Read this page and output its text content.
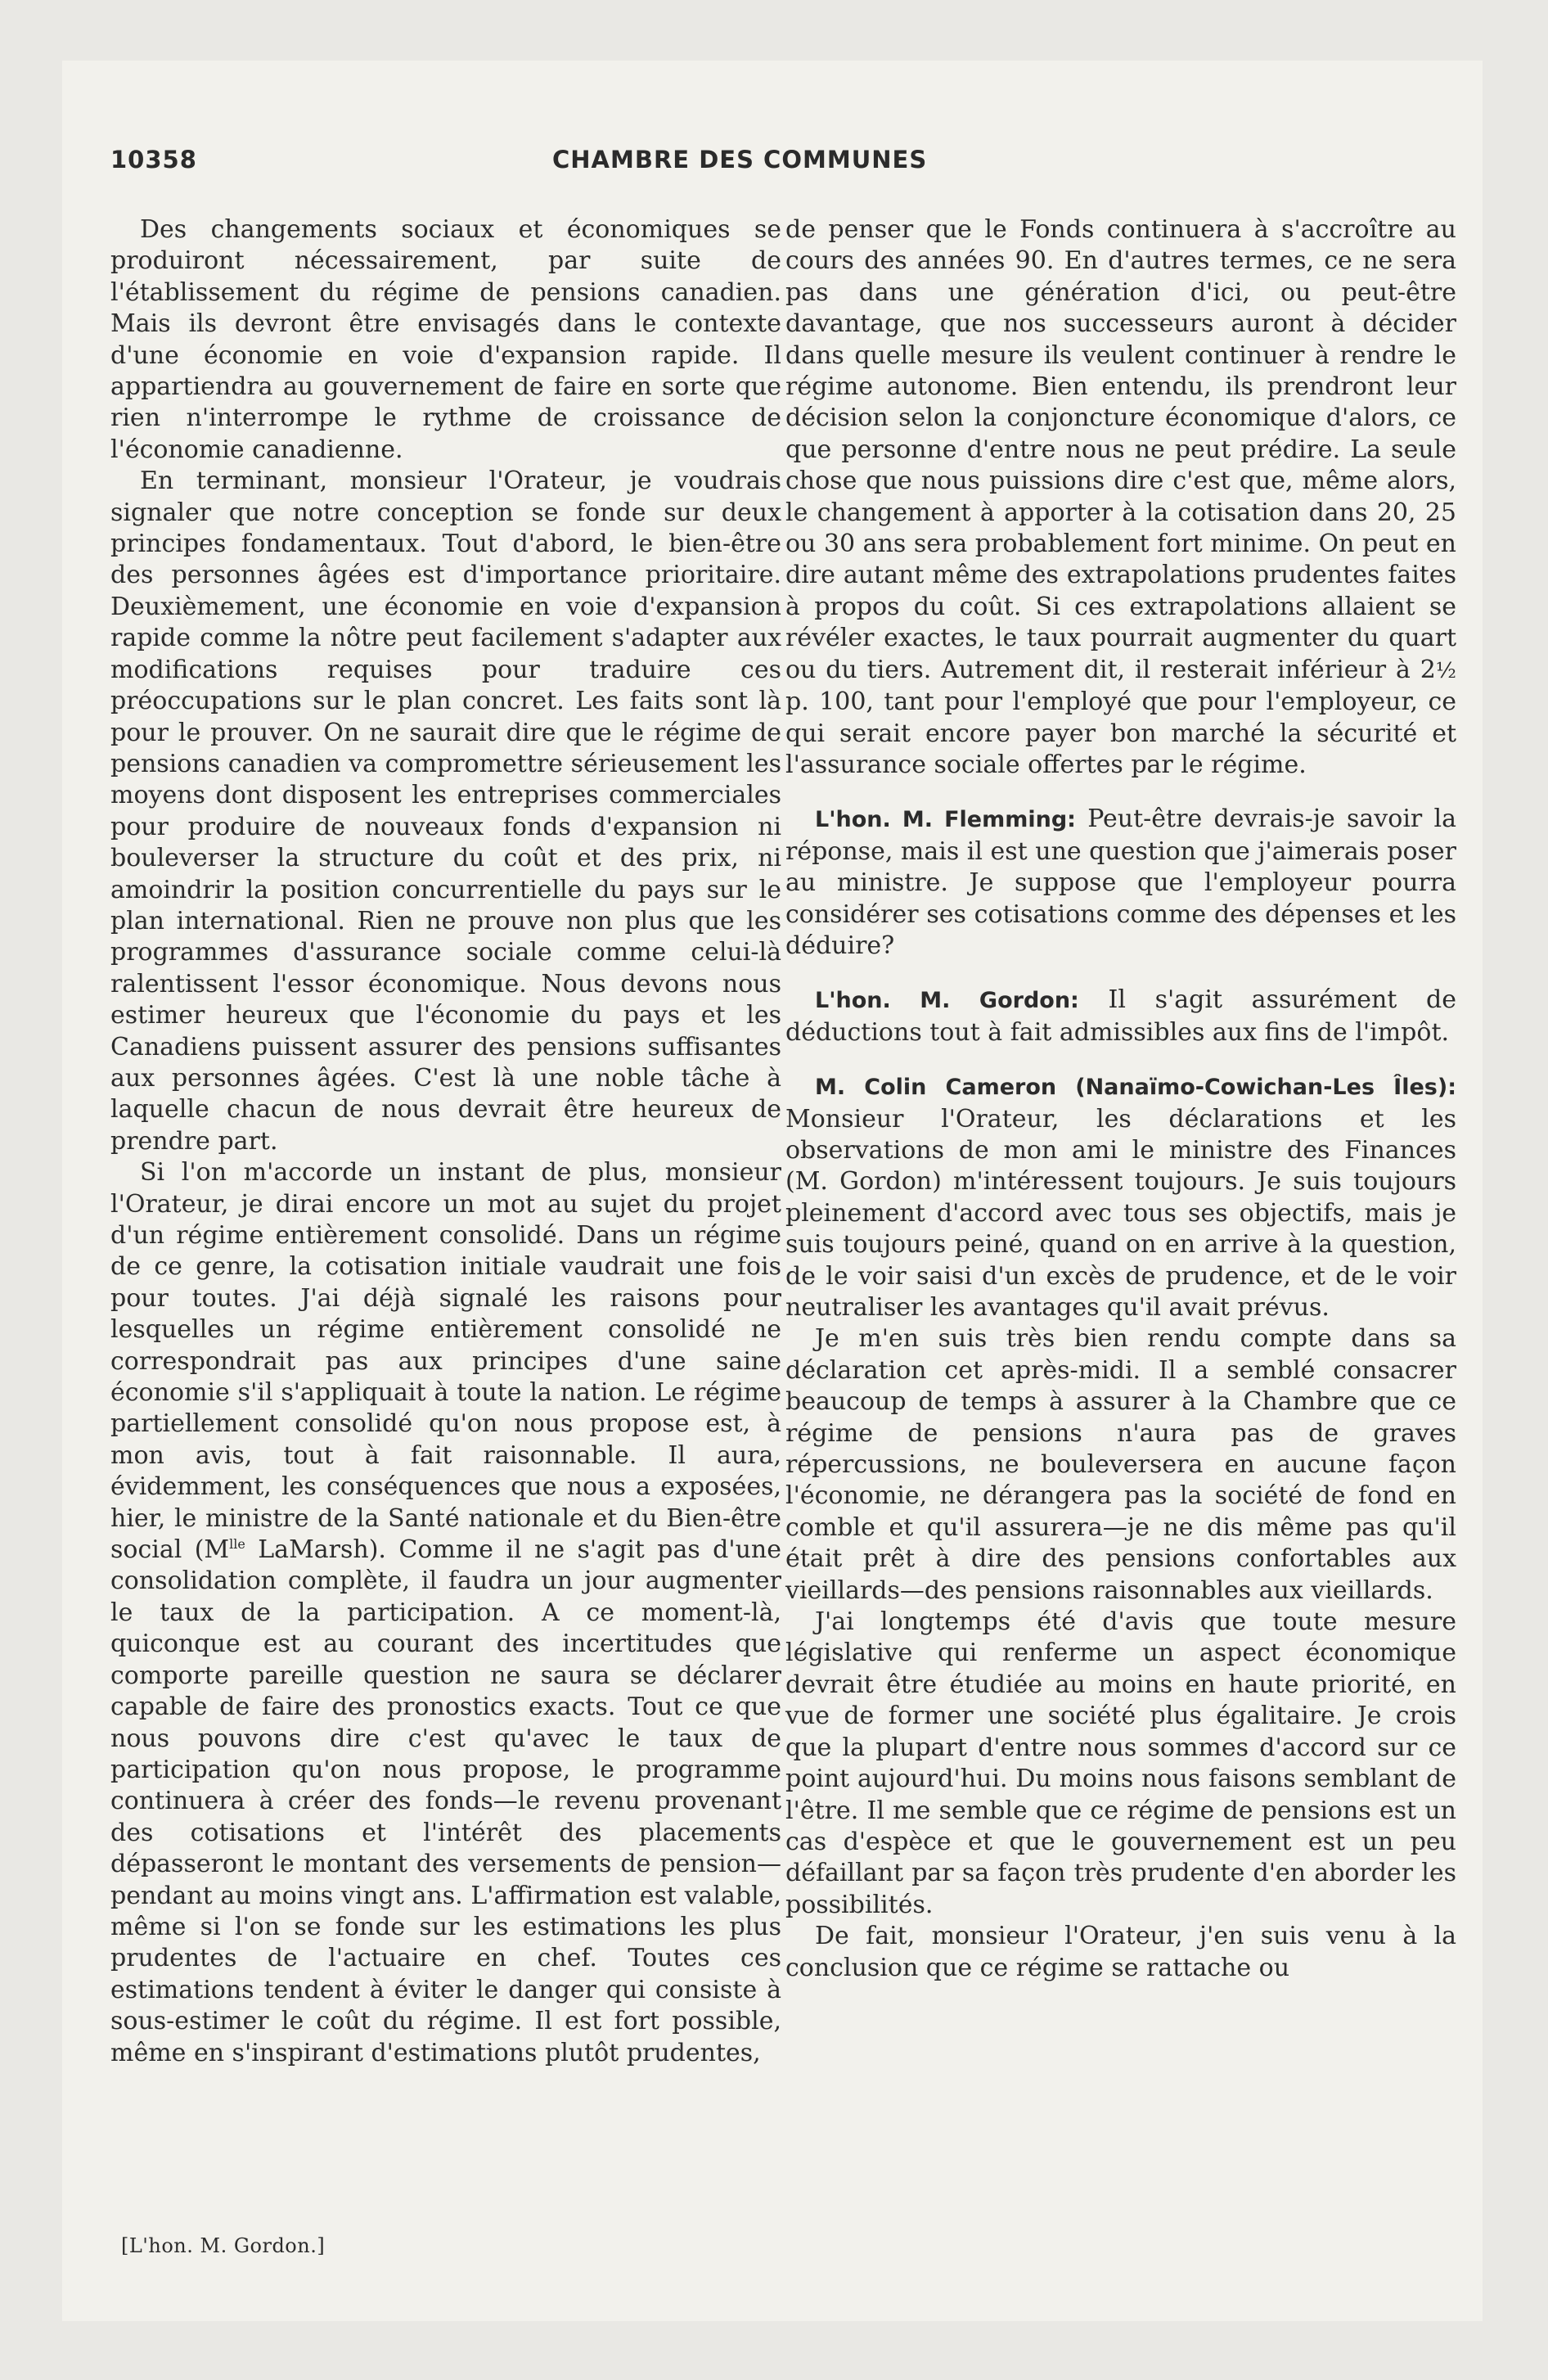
10358	CHAMBRE DES COMMUNES

Des changements sociaux et économiques se produiront nécessairement, par suite de l'établissement du régime de pensions canadien. Mais ils devront être envisagés dans le contexte d'une économie en voie d'expansion rapide. Il appartiendra au gouvernement de faire en sorte que rien n'interrompe le rythme de croissance de l'économie canadienne.

En terminant, monsieur l'Orateur, je voudrais signaler que notre conception se fonde sur deux principes fondamentaux. Tout d'abord, le bien-être des personnes âgées est d'importance prioritaire. Deuxièmement, une économie en voie d'expansion rapide comme la nôtre peut facilement s'adapter aux modifications requises pour traduire ces préoccupations sur le plan concret. Les faits sont là pour le prouver. On ne saurait dire que le régime de pensions canadien va compromettre sérieusement les moyens dont disposent les entreprises commerciales pour produire de nouveaux fonds d'expansion ni bouleverser la structure du coût et des prix, ni amoindrir la position concurrentielle du pays sur le plan international. Rien ne prouve non plus que les programmes d'assurance sociale comme celui-là ralentissent l'essor économique. Nous devons nous estimer heureux que l'économie du pays et les Canadiens puissent assurer des pensions suffisantes aux personnes âgées. C'est là une noble tâche à laquelle chacun de nous devrait être heureux de prendre part.

Si l'on m'accorde un instant de plus, monsieur l'Orateur, je dirai encore un mot au sujet du projet d'un régime entièrement consolidé. Dans un régime de ce genre, la cotisation initiale vaudrait une fois pour toutes. J'ai déjà signalé les raisons pour lesquelles un régime entièrement consolidé ne correspondrait pas aux principes d'une saine économie s'il s'appliquait à toute la nation. Le régime partiellement consolidé qu'on nous propose est, à mon avis, tout à fait raisonnable. Il aura, évidemment, les conséquences que nous a exposées, hier, le ministre de la Santé nationale et du Bien-être social ($M^{lle}$ LaMarsh). Comme il ne s'agit pas d'une consolidation complète, il faudra un jour augmenter le taux de la participation. A ce moment-là, quiconque est au courant des incertitudes que comporte pareille question ne saura se déclarer capable de faire des pronostics exacts. Tout ce que nous pouvons dire c'est qu'avec le taux de participation qu'on nous propose, le programme continuera à créer des fonds—le revenu provenant des cotisations et l'intérêt des placements dépasseront le montant des versements de pension—pendant au moins vingt ans. L'affirmation est valable, même si l'on se fonde sur les estimations les plus prudentes de l'actuaire en chef. Toutes ces estimations tendent à éviter le danger qui consiste à sous-estimer le coût du régime. Il est fort possible, même en s'inspirant d'estimations plutôt prudentes,

de penser que le Fonds continuera à s'accroître au cours des années 90. En d'autres termes, ce ne sera pas dans une génération d'ici, ou peut-être davantage, que nos successeurs auront à décider dans quelle mesure ils veulent continuer à rendre le régime autonome. Bien entendu, ils prendront leur décision selon la conjoncture économique d'alors, ce que personne d'entre nous ne peut prédire. La seule chose que nous puissions dire c'est que, même alors, le changement à apporter à la cotisation dans 20, 25 ou 30 ans sera probablement fort minime. On peut en dire autant même des extrapolations prudentes faites à propos du coût. Si ces extrapolations allaient se révéler exactes, le taux pourrait augmenter du quart ou du tiers. Autrement dit, il resterait inférieur à 2½ p. 100, tant pour l'employé que pour l'employeur, ce qui serait encore payer bon marché la sécurité et l'assurance sociale offertes par le régime.

L'hon. M. Flemming: Peut-être devrais-je savoir la réponse, mais il est une question que j'aimerais poser au ministre. Je suppose que l'employeur pourra considérer ses cotisations comme des dépenses et les déduire?

L'hon. M. Gordon: Il s'agit assurément de déductions tout à fait admissibles aux fins de l'impôt.

M. Colin Cameron (Nanaïmo-Cowichan-Les Îles): Monsieur l'Orateur, les déclarations et les observations de mon ami le ministre des Finances (M. Gordon) m'intéressent toujours. Je suis toujours pleinement d'accord avec tous ses objectifs, mais je suis toujours peiné, quand on en arrive à la question, de le voir saisi d'un excès de prudence, et de le voir neutraliser les avantages qu'il avait prévus.

Je m'en suis très bien rendu compte dans sa déclaration cet après-midi. Il a semblé consacrer beaucoup de temps à assurer à la Chambre que ce régime de pensions n'aura pas de graves répercussions, ne bouleversera en aucune façon l'économie, ne dérangera pas la société de fond en comble et qu'il assurera—je ne dis même pas qu'il était prêt à dire des pensions confortables aux vieillards—des pensions raisonnables aux vieillards.

J'ai longtemps été d'avis que toute mesure législative qui renferme un aspect économique devrait être étudiée au moins en haute priorité, en vue de former une société plus égalitaire. Je crois que la plupart d'entre nous sommes d'accord sur ce point aujourd'hui. Du moins nous faisons semblant de l'être. Il me semble que ce régime de pensions est un cas d'espèce et que le gouvernement est un peu défaillant par sa façon très prudente d'en aborder les possibilités.

De fait, monsieur l'Orateur, j'en suis venu à la conclusion que ce régime se rattache ou

[L'hon. M. Gordon.]
